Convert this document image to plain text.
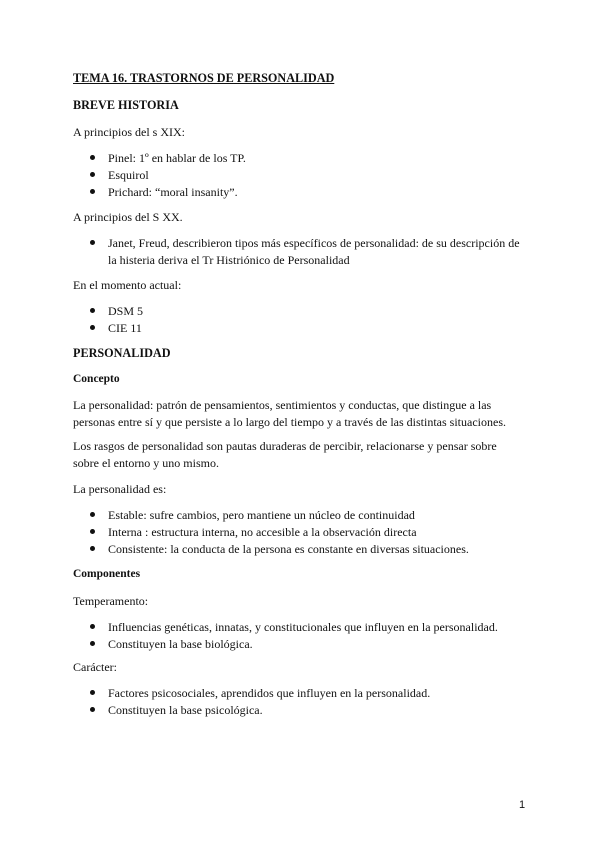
TEMA 16. TRASTORNOS DE PERSONALIDAD
BREVE HISTORIA
A principios del s XIX:
Pinel: 1º en hablar de los TP.
Esquirol
Prichard: “moral insanity”.
A principios del S XX.
Janet, Freud, describieron tipos más específicos de personalidad: de su descripción de
la histeria deriva el Tr Histriónico de Personalidad
En el momento actual:
DSM 5
CIE 11
PERSONALIDAD
Concepto
La personalidad: patrón de pensamientos, sentimientos y conductas, que distingue a las
personas entre sí y que persiste a lo largo del tiempo y a través de las distintas situaciones.
Los rasgos de personalidad son pautas duraderas de percibir, relacionarse y pensar sobre
sobre el entorno y uno mismo.
La personalidad es:
Estable: sufre cambios, pero mantiene un núcleo de continuidad
Interna : estructura interna, no accesible a la observación directa
Consistente: la conducta de la persona es constante en diversas situaciones.
Componentes
Temperamento:
Influencias genéticas, innatas, y constitucionales que influyen en la personalidad.
Constituyen la base biológica.
Carácter:
Factores psicosociales, aprendidos que influyen en la personalidad.
Constituyen la base psicológica.
1
